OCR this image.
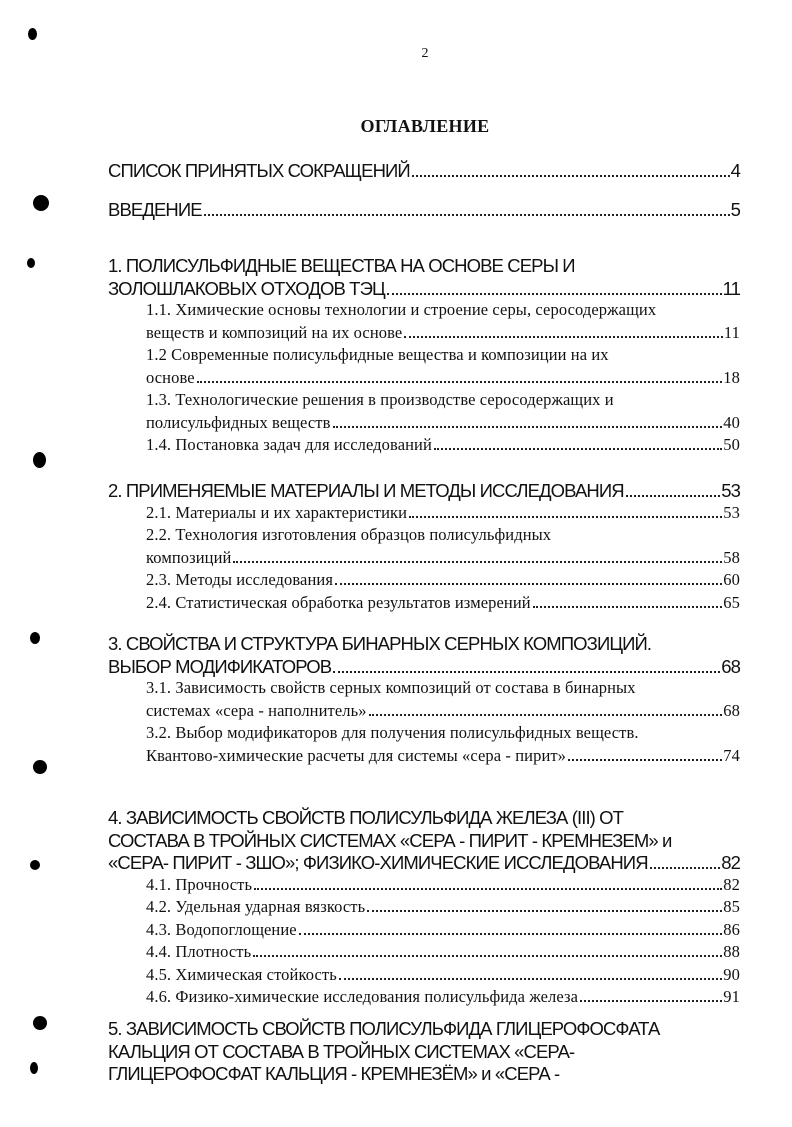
2
ОГЛАВЛЕНИЕ
СПИСОК ПРИНЯТЫХ СОКРАЩЕНИЙ	4
ВВЕДЕНИЕ	5
1. ПОЛИСУЛЬФИДНЫЕ ВЕЩЕСТВА НА ОСНОВЕ СЕРЫ И
ЗОЛОШЛАКОВЫХ ОТХОДОВ ТЭЦ	11
1.1. Химические основы технологии и строение серы, серосодержащих
веществ и композиций на их основе	11
1.2 Современные полисульфидные вещества и композиции на их
основе	18
1.3. Технологические решения в производстве серосодержащих и
полисульфидных веществ	40
1.4. Постановка задач для исследований	50
2. ПРИМЕНЯЕМЫЕ МАТЕРИАЛЫ И МЕТОДЫ ИССЛЕДОВАНИЯ	53
2.1. Материалы и их характеристики	53
2.2. Технология изготовления образцов полисульфидных
композиций	58
2.3. Методы исследования	60
2.4. Статистическая обработка результатов измерений	65
3. СВОЙСТВА И СТРУКТУРА БИНАРНЫХ СЕРНЫХ КОМПОЗИЦИЙ.
ВЫБОР МОДИФИКАТОРОВ	68
3.1. Зависимость свойств серных композиций от состава в бинарных
системах «сера - наполнитель»	68
3.2. Выбор модификаторов для получения полисульфидных веществ.
Квантово-химические расчеты для системы «сера - пирит»	74
4. ЗАВИСИМОСТЬ СВОЙСТВ ПОЛИСУЛЬФИДА ЖЕЛЕЗА (III) ОТ
СОСТАВА В ТРОЙНЫХ СИСТЕМАХ «СЕРА - ПИРИТ - КРЕМНЕЗЕМ» и
«СЕРА- ПИРИТ - ЗШО»; ФИЗИКО-ХИМИЧЕСКИЕ ИССЛЕДОВАНИЯ	82
4.1. Прочность	82
4.2. Удельная ударная вязкость	85
4.3. Водопоглощение	86
4.4. Плотность	88
4.5. Химическая стойкость	90
4.6. Физико-химические исследования полисульфида железа	91
5. ЗАВИСИМОСТЬ СВОЙСТВ ПОЛИСУЛЬФИДА ГЛИЦЕРОФОСФАТА
КАЛЬЦИЯ ОТ СОСТАВА В ТРОЙНЫХ СИСТЕМАХ «СЕРА-
ГЛИЦЕРОФОСФАТ КАЛЬЦИЯ - КРЕМНЕЗЁМ» и «СЕРА -
